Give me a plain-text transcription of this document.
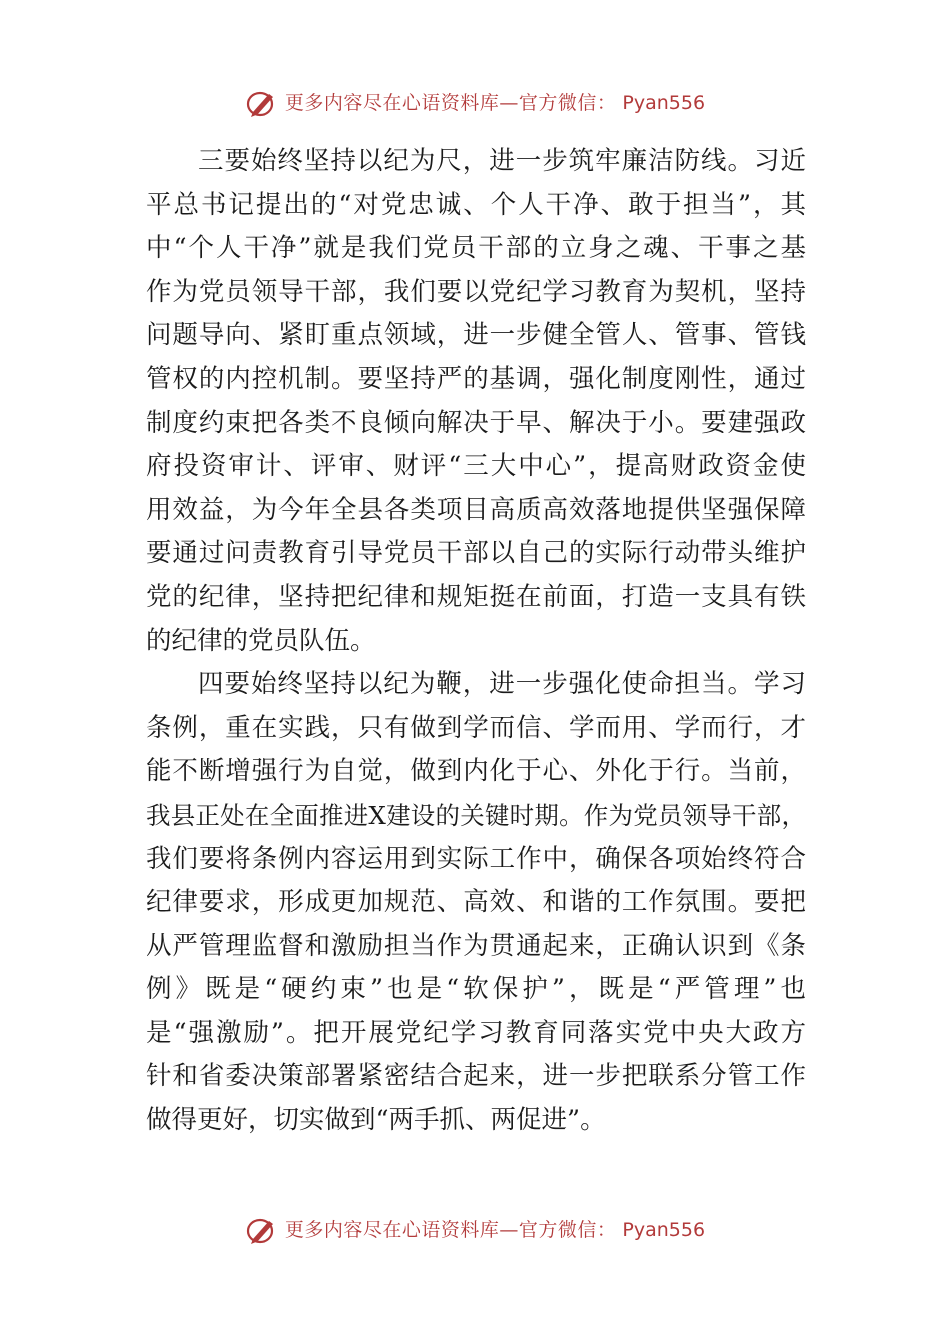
更多内容尽在心语资料库—官方微信： Pyan556
三要始终坚持以纪为尺，进一步筑牢廉洁防线。习近
平总书记提出的“对党忠诚、个人干净、敢于担当”，其
中“个人干净”就是我们党员干部的立身之魂、干事之基
作为党员领导干部，我们要以党纪学习教育为契机，坚持
问题导向、紧盯重点领域，进一步健全管人、管事、管钱
管权的内控机制。要坚持严的基调，强化制度刚性，通过
制度约束把各类不良倾向解决于早、解决于小。要建强政
府投资审计、评审、财评“三大中心”，提高财政资金使
用效益，为今年全县各类项目高质高效落地提供坚强保障
要通过问责教育引导党员干部以自己的实际行动带头维护
党的纪律，坚持把纪律和规矩挺在前面，打造一支具有铁
的纪律的党员队伍。
四要始终坚持以纪为鞭，进一步强化使命担当。学习
条例，重在实践，只有做到学而信、学而用、学而行，才
能不断增强行为自觉，做到内化于心、外化于行。当前，
我县正处在全面推进X建设的关键时期。作为党员领导干部，
我们要将条例内容运用到实际工作中，确保各项始终符合
纪律要求，形成更加规范、高效、和谐的工作氛围。要把
从严管理监督和激励担当作为贯通起来，正确认识到《条
例》既是“硬约束”也是“软保护”，既是“严管理”也
是“强激励”。把开展党纪学习教育同落实党中央大政方
针和省委决策部署紧密结合起来，进一步把联系分管工作
做得更好，切实做到“两手抓、两促进”。
更多内容尽在心语资料库—官方微信： Pyan556
